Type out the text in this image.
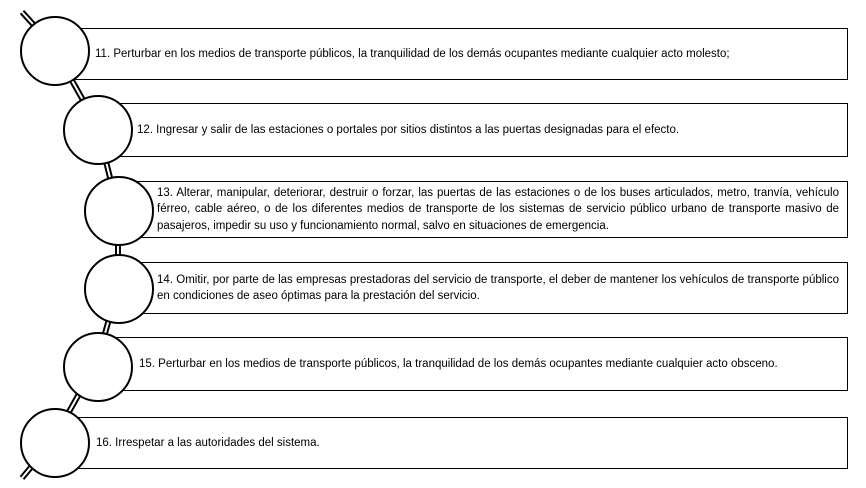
11. Perturbar en los medios de transporte públicos, la tranquilidad de los demás ocupantes mediante cualquier acto molesto;
12. Ingresar y salir de las estaciones o portales por sitios distintos a las puertas designadas para el efecto.
13. Alterar, manipular, deteriorar, destruir o forzar, las puertas de las estaciones o de los buses articulados, metro, tranvía, vehículo férreo, cable aéreo, o de los diferentes medios de transporte de los sistemas de servicio público urbano de transporte masivo de pasajeros, impedir su uso y funcionamiento normal, salvo en situaciones de emergencia.
14. Omitir, por parte de las empresas prestadoras del servicio de transporte, el deber de mantener los vehículos de transporte público en condiciones de aseo óptimas para la prestación del servicio.
15. Perturbar en los medios de transporte públicos, la tranquilidad de los demás ocupantes mediante cualquier acto obsceno.
16. Irrespetar a las autoridades del sistema.
